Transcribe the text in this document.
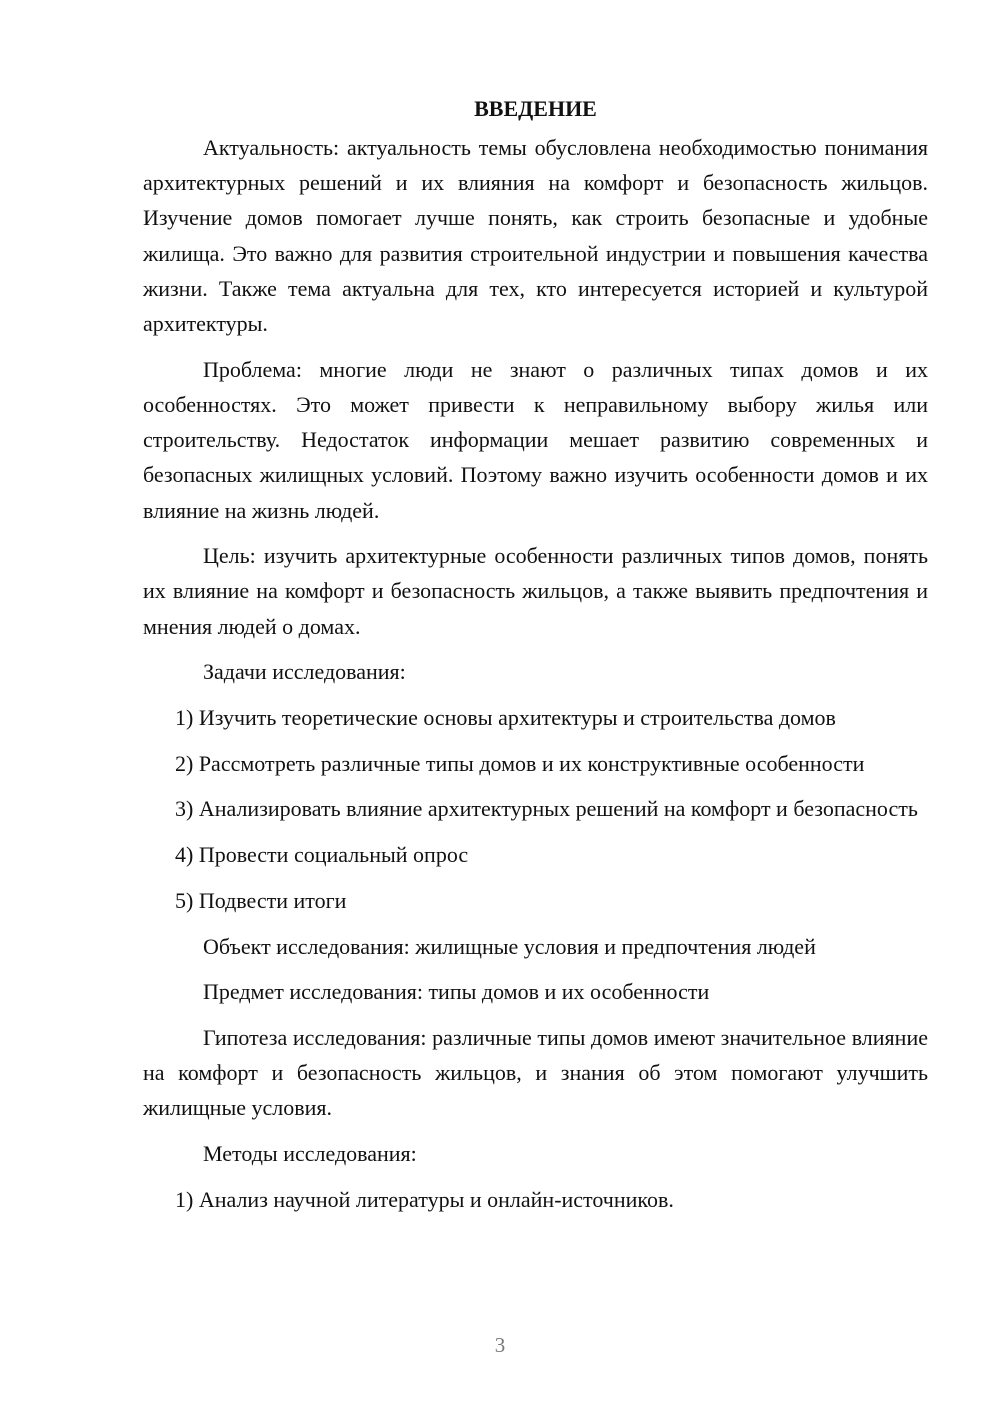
ВВЕДЕНИЕ

Актуальность: актуальность темы обусловлена необходимостью понимания архитектурных решений и их влияния на комфорт и безопасность жильцов. Изучение домов помогает лучше понять, как строить безопасные и удобные жилища. Это важно для развития строительной индустрии и повышения качества жизни. Также тема актуальна для тех, кто интересуется историей и культурой архитектуры.

Проблема: многие люди не знают о различных типах домов и их особенностях. Это может привести к неправильному выбору жилья или строительству. Недостаток информации мешает развитию современных и безопасных жилищных условий. Поэтому важно изучить особенности домов и их влияние на жизнь людей.

Цель: изучить архитектурные особенности различных типов домов, понять их влияние на комфорт и безопасность жильцов, а также выявить предпочтения и мнения людей о домах.

Задачи исследования:

1) Изучить теоретические основы архитектуры и строительства домов

2) Рассмотреть различные типы домов и их конструктивные особенности

3) Анализировать влияние архитектурных решений на комфорт и безопасность

4) Провести социальный опрос

5) Подвести итоги

Объект исследования: жилищные условия и предпочтения людей

Предмет исследования: типы домов и их особенности

Гипотеза исследования: различные типы домов имеют значительное влияние на комфорт и безопасность жильцов, и знания об этом помогают улучшить жилищные условия.

Методы исследования:

1) Анализ научной литературы и онлайн-источников.

3
